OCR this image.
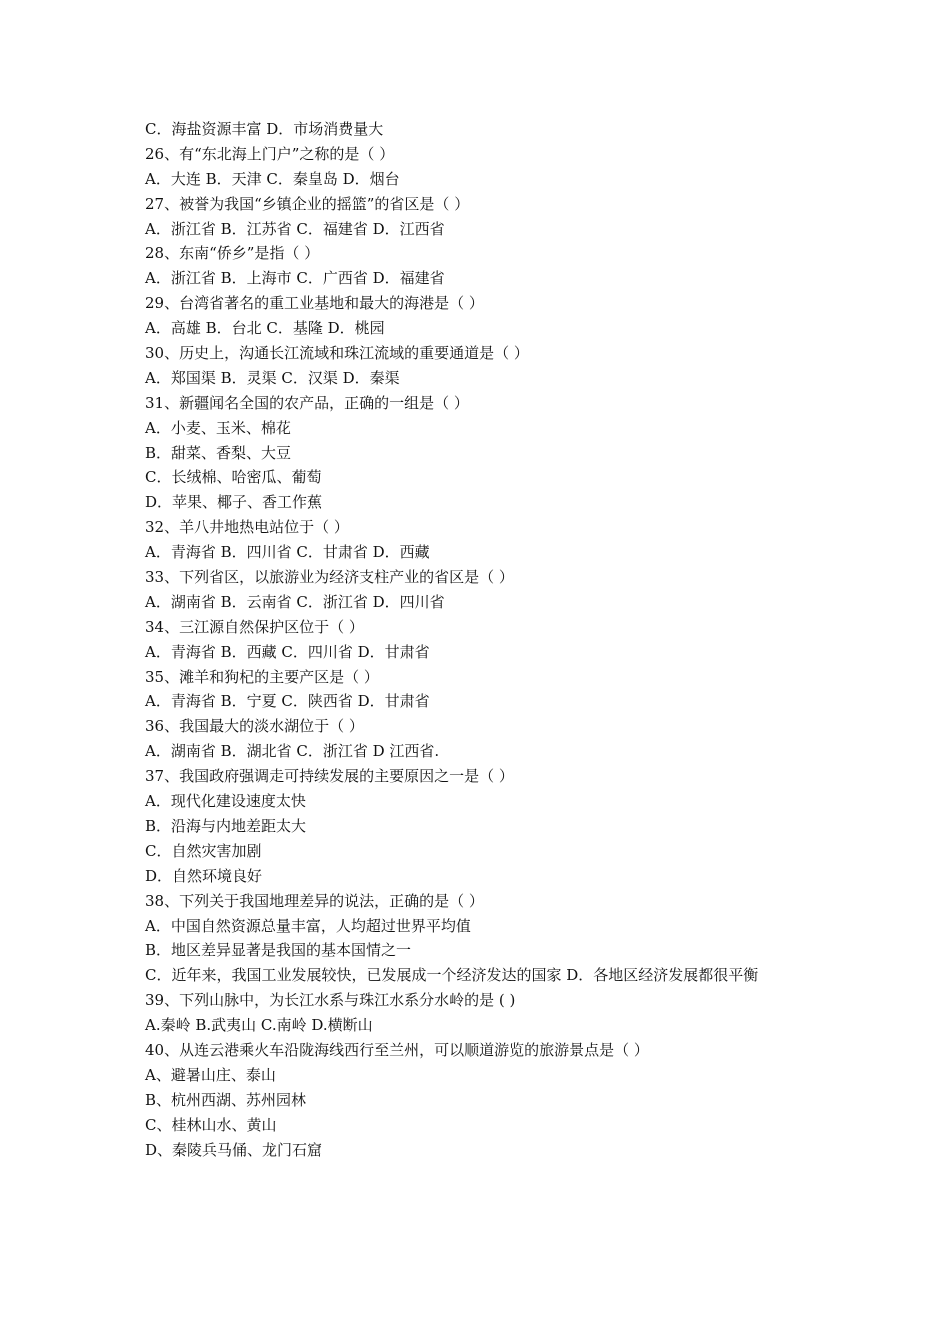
C．海盐资源丰富 D．市场消费量大
26、有“东北海上门户”之称的是（ ）
A．大连 B．天津 C．秦皇岛 D．烟台
27、被誉为我国“乡镇企业的摇篮”的省区是（ ）
A．浙江省 B．江苏省 C．福建省 D．江西省
28、东南“侨乡”是指（ ）
A．浙江省 B．上海市 C．广西省 D．福建省
29、台湾省著名的重工业基地和最大的海港是（ ）
A．高雄 B．台北 C．基隆 D．桃园
30、历史上，沟通长江流域和珠江流域的重要通道是（ ）
A．郑国渠 B．灵渠 C．汉渠 D．秦渠
31、新疆闻名全国的农产品，正确的一组是（ ）
A．小麦、玉米、棉花
B．甜菜、香梨、大豆
C．长绒棉、哈密瓜、葡萄
D．苹果、椰子、香工作蕉
32、羊八井地热电站位于（ ）
A．青海省 B．四川省 C．甘肃省 D．西藏
33、下列省区，以旅游业为经济支柱产业的省区是（ ）
A．湖南省 B．云南省 C．浙江省 D．四川省
34、三江源自然保护区位于（ ）
A．青海省 B．西藏 C．四川省 D．甘肃省
35、滩羊和狗杞的主要产区是（ ）
A．青海省 B．宁夏 C．陕西省 D．甘肃省
36、我国最大的淡水湖位于（ ）
A．湖南省 B．湖北省 C．浙江省 D 江西省.
37、我国政府强调走可持续发展的主要原因之一是（ ）
A．现代化建设速度太快
B．沿海与内地差距太大
C．自然灾害加剧
D．自然环境良好
38、下列关于我国地理差异的说法，正确的是（ ）
A．中国自然资源总量丰富，人均超过世界平均值
B．地区差异显著是我国的基本国情之一
C．近年来，我国工业发展较快，已发展成一个经济发达的国家 D．各地区经济发展都很平衡
39、下列山脉中，为长江水系与珠江水系分水岭的是 ( )
A.秦岭 B.武夷山 C.南岭 D.横断山
40、从连云港乘火车沿陇海线西行至兰州，可以顺道游览的旅游景点是（ ）
A、避暑山庄、泰山
B、杭州西湖、苏州园林
C、桂林山水、黄山
D、秦陵兵马俑、龙门石窟
